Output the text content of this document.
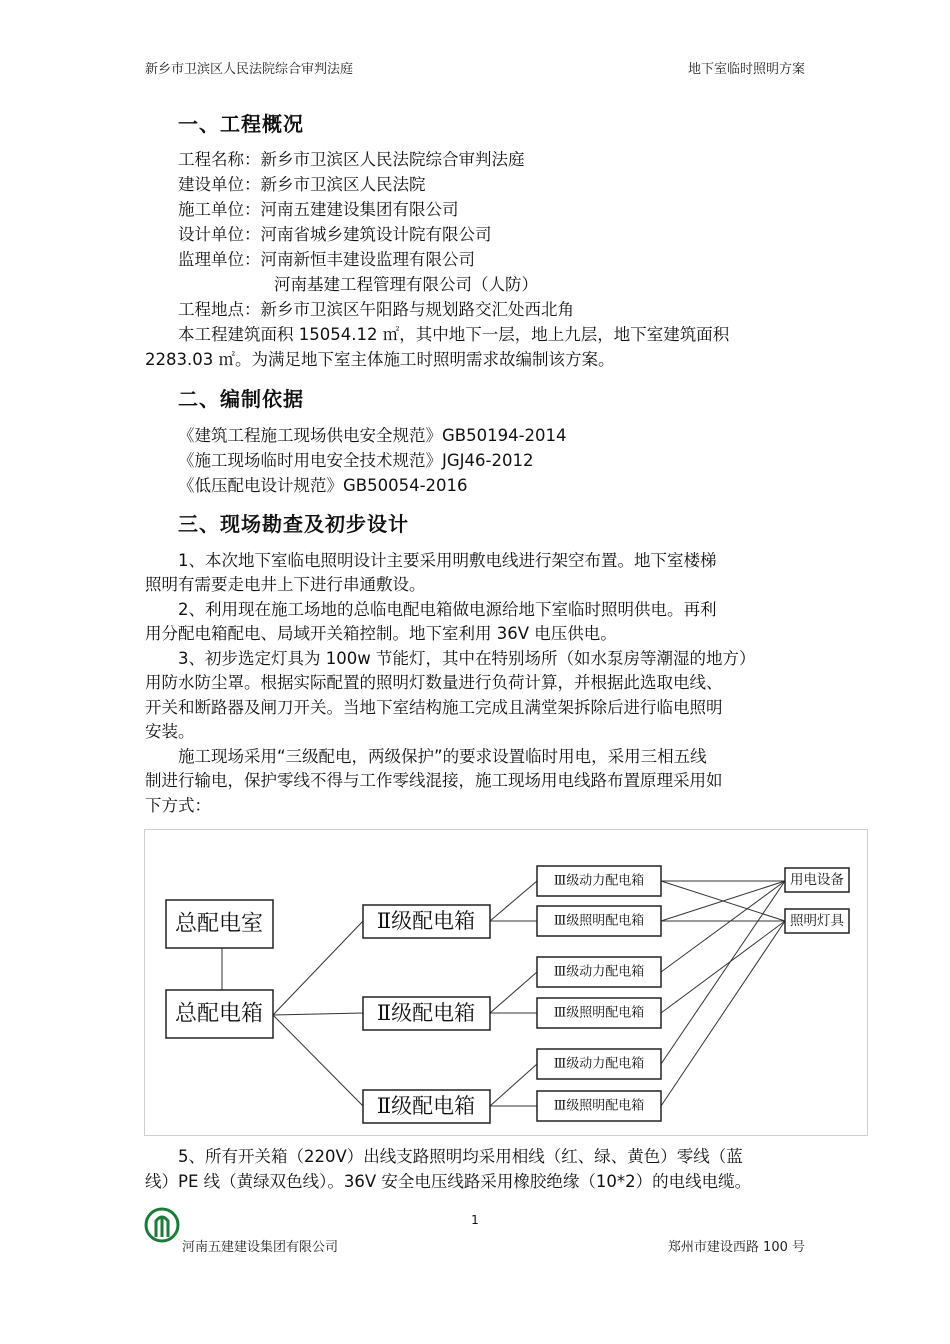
新乡市卫滨区人民法院综合审判法庭	地下室临时照明方案
一、工程概况
工程名称：新乡市卫滨区人民法院综合审判法庭
建设单位：新乡市卫滨区人民法院
施工单位：河南五建建设集团有限公司
设计单位：河南省城乡建筑设计院有限公司
监理单位：河南新恒丰建设监理有限公司
河南基建工程管理有限公司（人防）
工程地点：新乡市卫滨区午阳路与规划路交汇处西北角
本工程建筑面积 15054.12 ㎡，其中地下一层，地上九层，地下室建筑面积
2283.03 ㎡。为满足地下室主体施工时照明需求故编制该方案。
二、编制依据
《建筑工程施工现场供电安全规范》GB50194-2014
《施工现场临时用电安全技术规范》JGJ46-2012
《低压配电设计规范》GB50054-2016
三、现场勘查及初步设计
1、本次地下室临电照明设计主要采用明敷电线进行架空布置。地下室楼梯
照明有需要走电井上下进行串通敷设。
2、利用现在施工场地的总临电配电箱做电源给地下室临时照明供电。再利
用分配电箱配电、局域开关箱控制。地下室利用 36V 电压供电。
3、初步选定灯具为 100w 节能灯，其中在特别场所（如水泵房等潮湿的地方）
用防水防尘罩。根据实际配置的照明灯数量进行负荷计算，并根据此选取电线、
开关和断路器及闸刀开关。当地下室结构施工完成且满堂架拆除后进行临电照明
安装。
施工现场采用“三级配电，两级保护”的要求设置临时用电，采用三相五线
制进行输电，保护零线不得与工作零线混接，施工现场用电线路布置原理采用如
下方式：
总配电室
总配电箱
Ⅱ级配电箱
Ⅱ级配电箱
Ⅱ级配电箱
Ⅲ级动力配电箱
Ⅲ级照明配电箱
Ⅲ级动力配电箱
Ⅲ级照明配电箱
Ⅲ级动力配电箱
Ⅲ级照明配电箱
用电设备
照明灯具
5、所有开关箱（220V）出线支路照明均采用相线（红、绿、黄色）零线（蓝
线）PE 线（黄绿双色线）。36V 安全电压线路采用橡胶绝缘（10*2）的电线电缆。
1
河南五建建设集团有限公司	郑州市建设西路 100 号
